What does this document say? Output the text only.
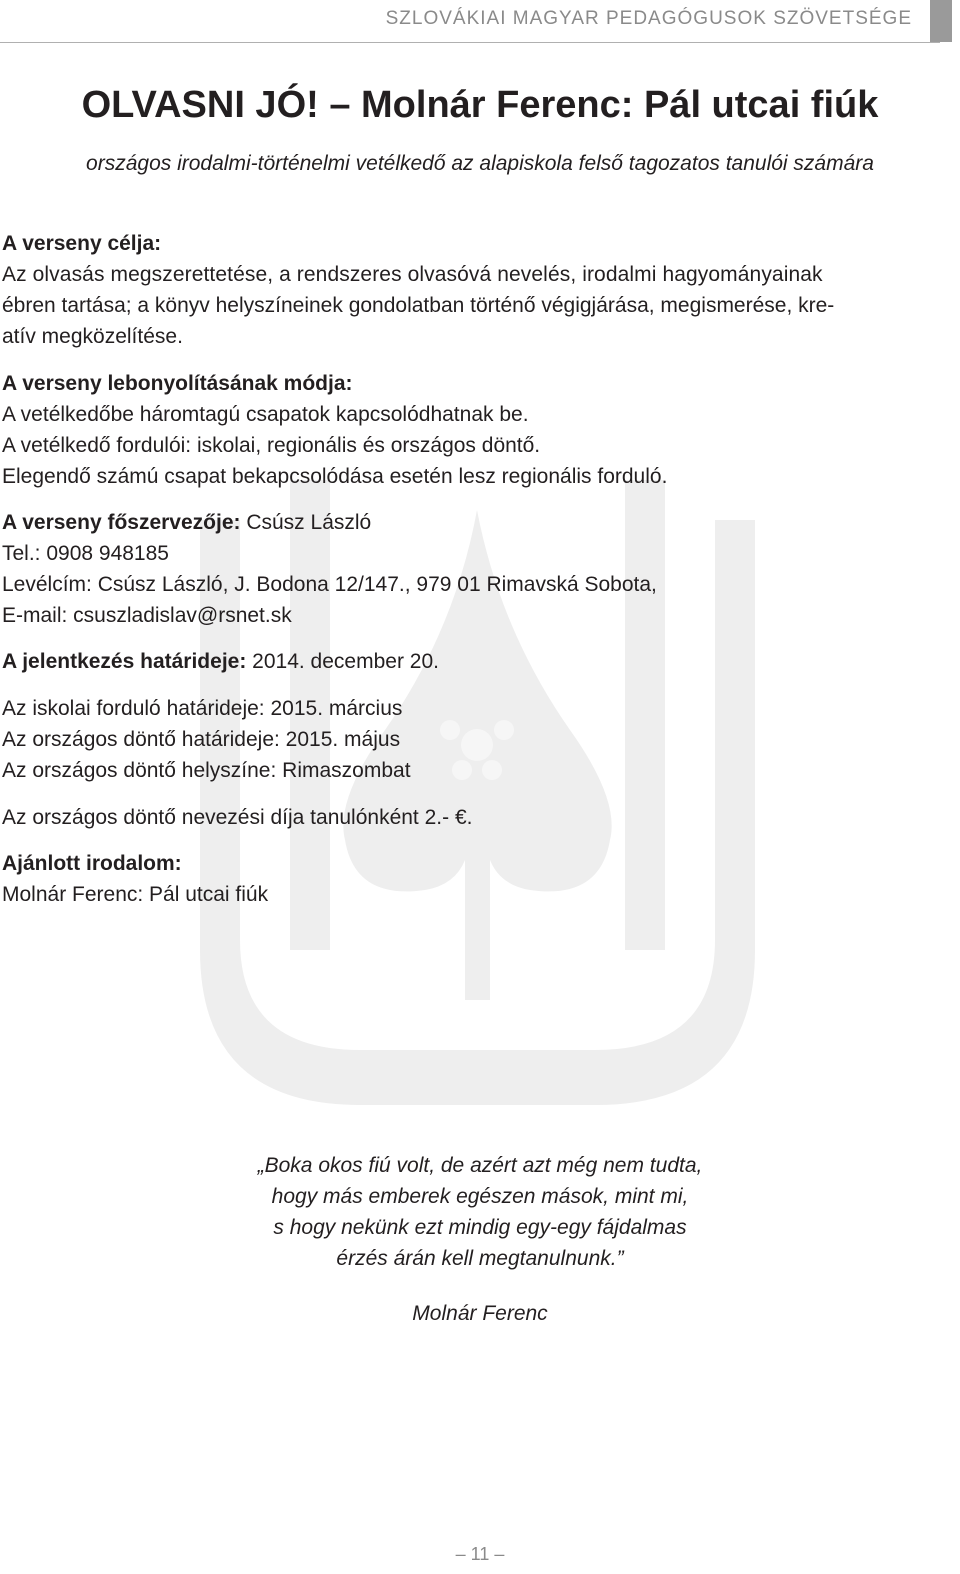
SZLOVÁKIAI MAGYAR PEDAGÓGUSOK SZÖVETSÉGE
OLVASNI JÓ! – Molnár Ferenc: Pál utcai fiúk
országos irodalmi-történelmi vetélkedő az alapiskola felső tagozatos tanulói számára
A verseny célja:
Az olvasás megszerettetése, a rendszeres olvasóvá nevelés, irodalmi hagyományainak
ébren tartása; a könyv helyszíneinek gondolatban történő végigjárása, megismerése, kre-
atív megközelítése.
A verseny lebonyolításának módja:
A vetélkedőbe háromtagú csapatok kapcsolódhatnak be.
A vetélkedő fordulói: iskolai, regionális és országos döntő.
Elegendő számú csapat bekapcsolódása esetén lesz regionális forduló.
A verseny főszervezője: Csúsz László
Tel.: 0908 948185
Levélcím: Csúsz László, J. Bodona 12/147., 979 01 Rimavská Sobota,
E-mail: csuszladislav@rsnet.sk
A jelentkezés határideje: 2014. december 20.
Az iskolai forduló határideje: 2015. március
Az országos döntő határideje: 2015. május
Az országos döntő helyszíne: Rimaszombat
Az országos döntő nevezési díja tanulónként 2.- €.
Ajánlott irodalom:
Molnár Ferenc: Pál utcai fiúk
„Boka okos fiú volt, de azért azt még nem tudta,
hogy más emberek egészen mások, mint mi,
s hogy nekünk ezt mindig egy-egy fájdalmas
érzés árán kell megtanulnunk.”
Molnár Ferenc
– 11 –
